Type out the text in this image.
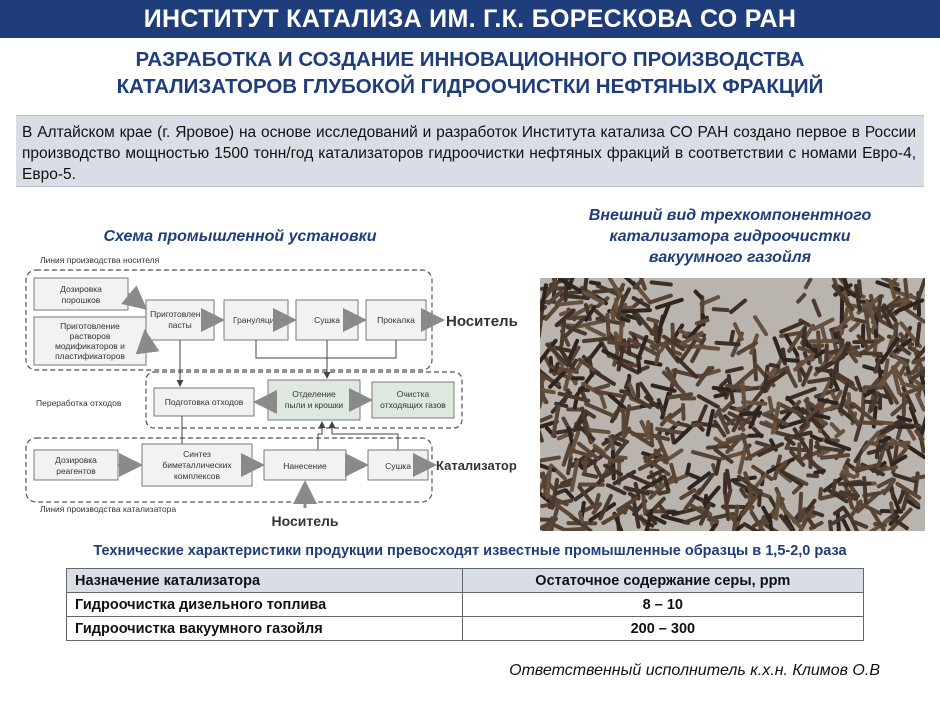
ИНСТИТУТ КАТАЛИЗА ИМ. Г.К. БОРЕСКОВА СО РАН
РАЗРАБОТКА И СОЗДАНИЕ ИННОВАЦИОННОГО ПРОИЗВОДСТВА
КАТАЛИЗАТОРОВ ГЛУБОКОЙ ГИДРООЧИСТКИ НЕФТЯНЫХ ФРАКЦИЙ
В Алтайском крае (г. Яровое) на основе исследований и разработок Института катализа СО РАН создано первое в России производство мощностью 1500 тонн/год катализаторов гидроочистки нефтяных фракций в соответствии с номами Евро-4, Евро-5.
Схема промышленной установки
Внешний вид трехкомпонентного
катализатора гидроочистки
вакуумного газойля
Линия производства носителя
Переработка отходов
Линия производства катализатора
Дозировка
порошков
Приготовление
растворов
модификаторов и
пластификаторов
Приготовление
пасты	Грануляция	Сушка	Прокалка Носитель
Подготовка отходов
Отделение
пыли и крошки
Очистка
отходящих газов
Дозировка
реагентов
Синтез
биметаллических
комплексов
Нанесение	Сушка Катализатор
Носитель
Технические характеристики продукции превосходят известные промышленные образцы в 1,5-2,0 раза
Назначение катализатора	Остаточное содержание серы, ppm
Гидроочистка дизельного топлива	8 – 10
Гидроочистка вакуумного газойля	200 – 300
Ответственный исполнитель к.х.н. Климов О.В
